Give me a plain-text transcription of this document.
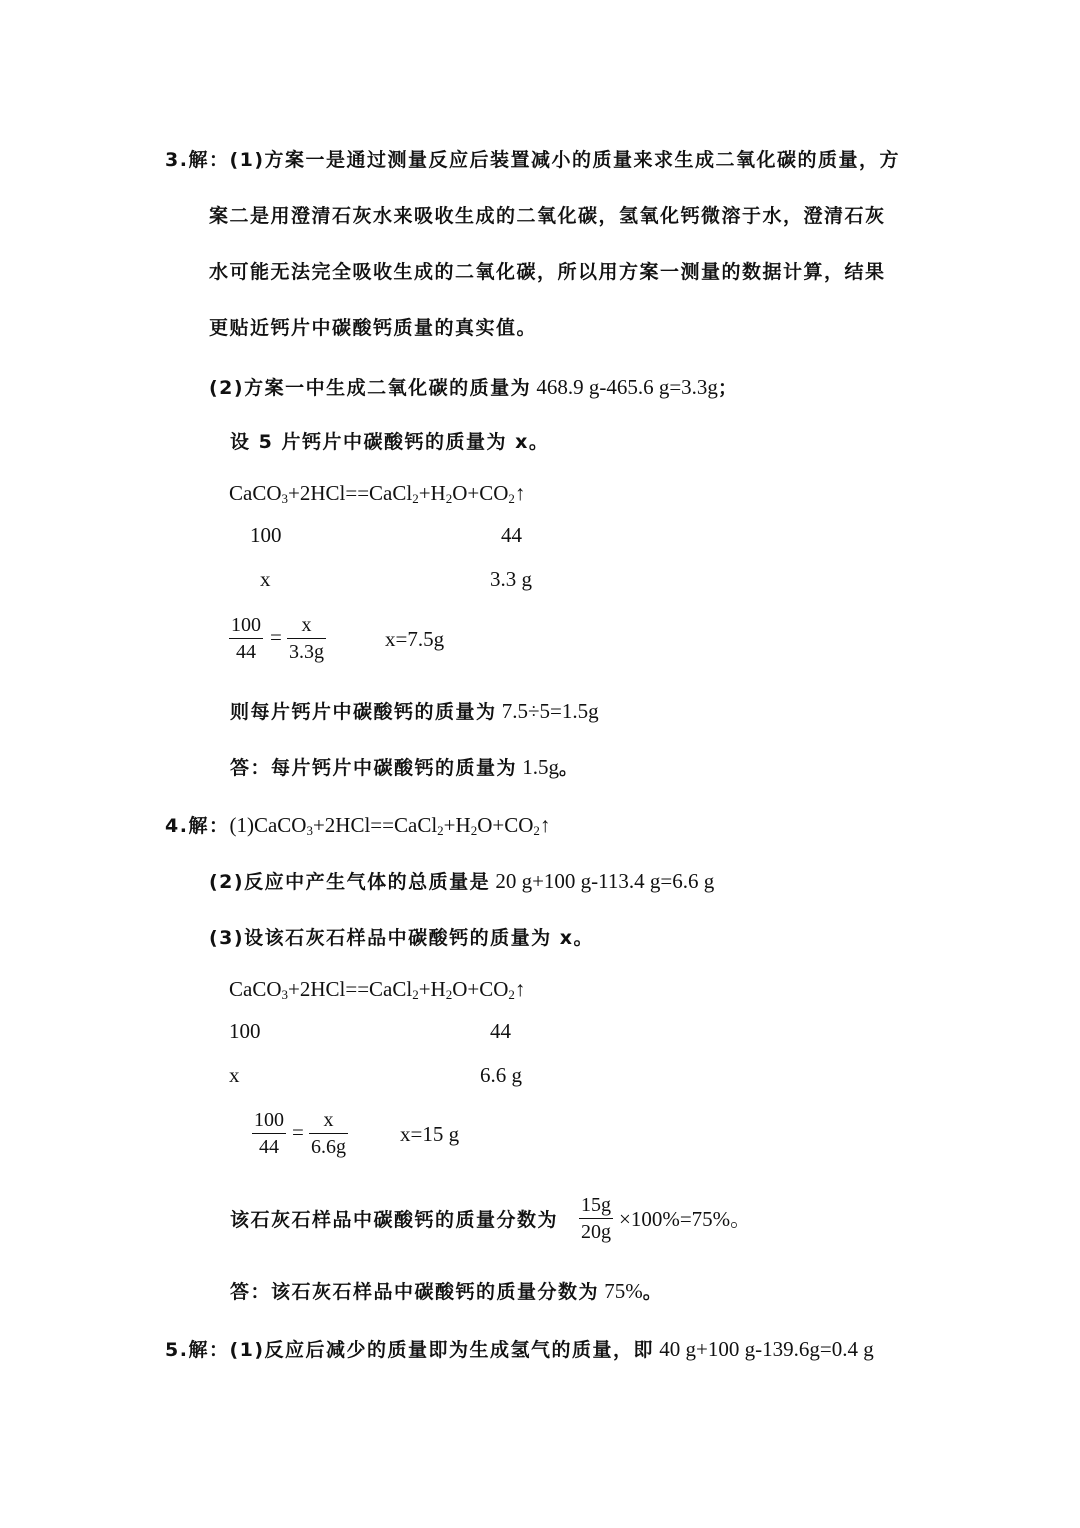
3.解：(1)方案一是通过测量反应后装置减小的质量来求生成二氧化碳的质量，方
案二是用澄清石灰水来吸收生成的二氧化碳，氢氧化钙微溶于水，澄清石灰
水可能无法完全吸收生成的二氧化碳，所以用方案一测量的数据计算，结果
更贴近钙片中碳酸钙质量的真实值。
(2)方案一中生成二氧化碳的质量为 468.9 g-465.6 g=3.3g；
设 5 片钙片中碳酸钙的质量为 x。
$CaCO_3+2HCl==CaCl_2+H_2O+CO_2↑$
100	44
x	3.3 g
$\frac{100}{44} = \frac{x}{3.3g}$	x=7.5g
则每片钙片中碳酸钙的质量为 7.5÷5=1.5g
答：每片钙片中碳酸钙的质量为 1.5g。
4.解：$(1)CaCO_3+2HCl==CaCl_2+H_2O+CO_2↑$
(2)反应中产生气体的总质量是 20 g+100 g-113.4 g=6.6 g
(3)设该石灰石样品中碳酸钙的质量为 x。
$CaCO_3+2HCl==CaCl_2+H_2O+CO_2↑$
100	44
x	6.6 g
$\frac{100}{44} = \frac{x}{6.6g} x=15$ g
该石灰石样品中碳酸钙的质量分数为 $\frac{15g}{20g} \times 100\%=75\%$。
答：该石灰石样品中碳酸钙的质量分数为 75%。
5.解：(1)反应后减少的质量即为生成氢气的质量，即 40 g+100 g-139.6g=0.4 g
